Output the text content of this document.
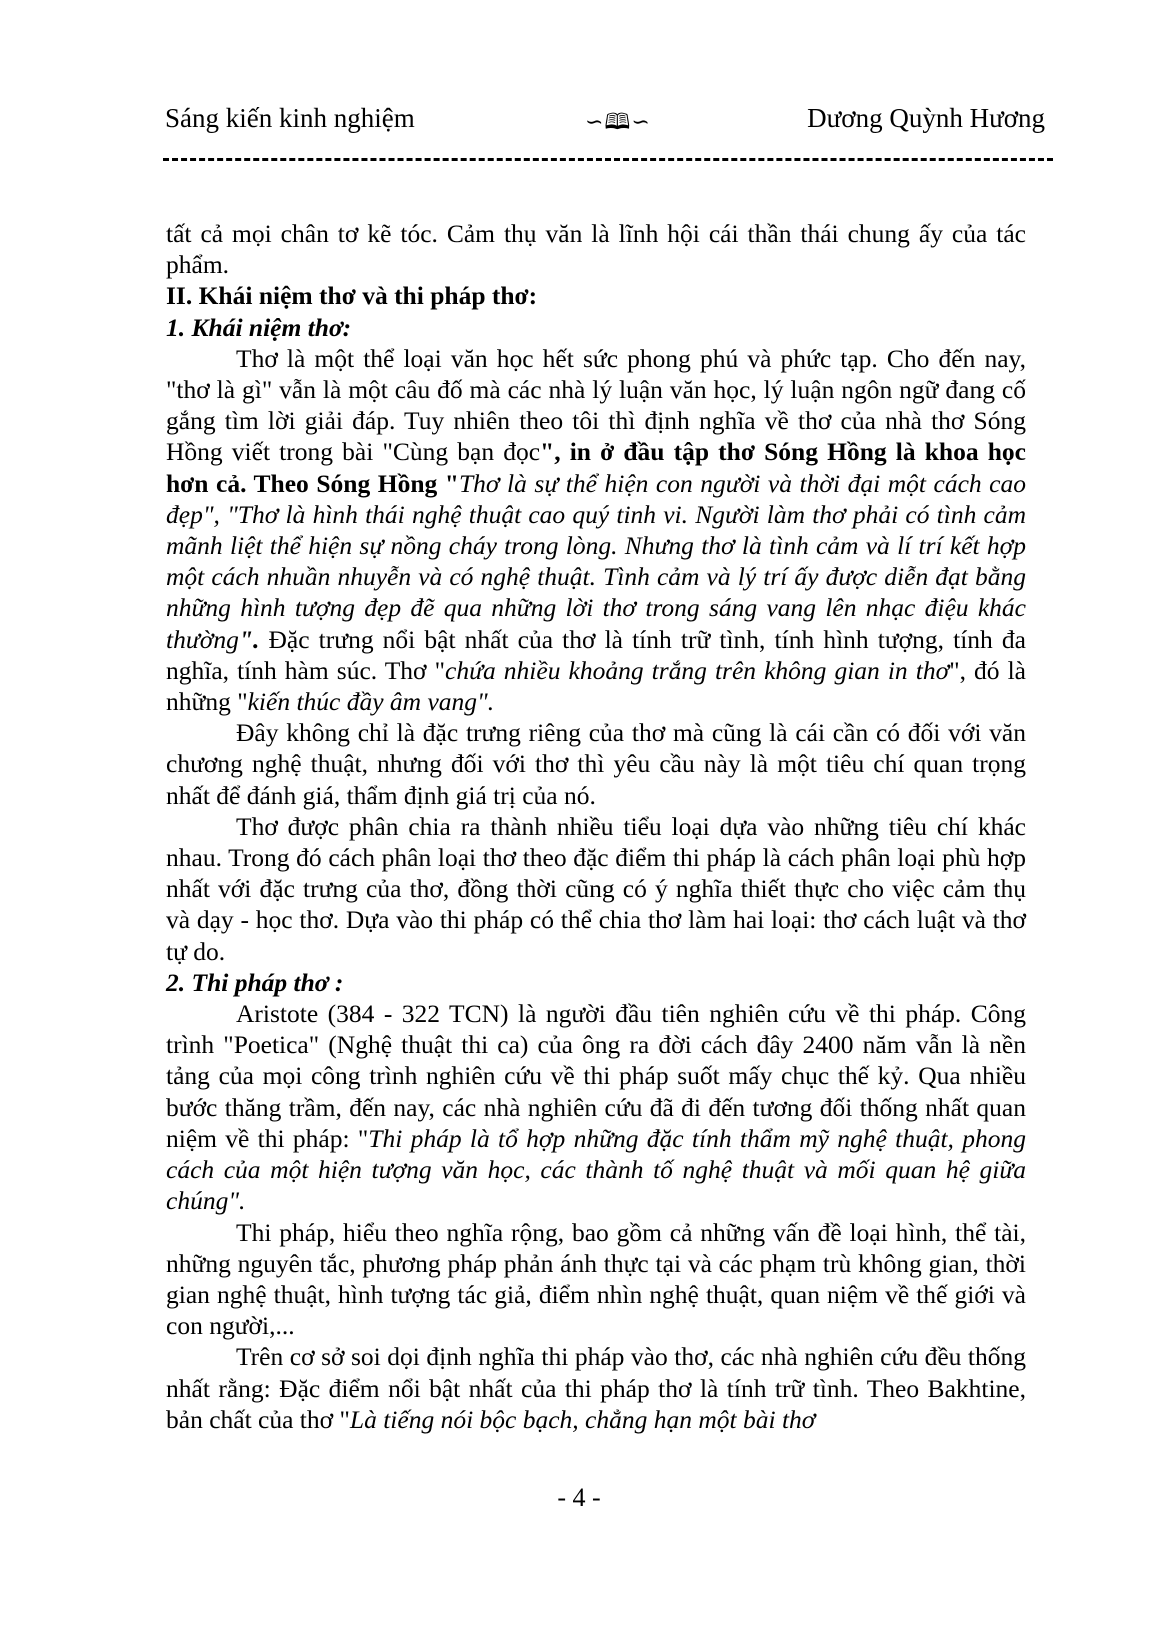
Sáng kiến kinh nghiệm	∽🕮∽	Dương Quỳnh Hương

tất cả mọi chân tơ kẽ tóc. Cảm thụ văn là lĩnh hội cái thần thái chung ấy của tác phẩm.

II. Khái niệm thơ và thi pháp thơ:

1. Khái niệm thơ:

Thơ là một thể loại văn học hết sức phong phú và phức tạp. Cho đến nay, "thơ là gì" vẫn là một câu đố mà các nhà lý luận văn học, lý luận ngôn ngữ đang cố gắng tìm lời giải đáp. Tuy nhiên theo tôi thì định nghĩa về thơ của nhà thơ Sóng Hồng viết trong bài "Cùng bạn đọc", in ở đầu tập thơ Sóng Hồng là khoa học hơn cả. Theo Sóng Hồng "Thơ là sự thể hiện con người và thời đại một cách cao đẹp", "Thơ là hình thái nghệ thuật cao quý tinh vi. Người làm thơ phải có tình cảm mãnh liệt thể hiện sự nồng cháy trong lòng. Nhưng thơ là tình cảm và lí trí kết hợp một cách nhuần nhuyễn và có nghệ thuật. Tình cảm và lý trí ấy được diễn đạt bằng những hình tượng đẹp đẽ qua những lời thơ trong sáng vang lên nhạc điệu khác thường". Đặc trưng nổi bật nhất của thơ là tính trữ tình, tính hình tượng, tính đa nghĩa, tính hàm súc. Thơ "chứa nhiều khoảng trắng trên không gian in thơ", đó là những "kiến thúc đầy âm vang".

Đây không chỉ là đặc trưng riêng của thơ mà cũng là cái cần có đối với văn chương nghệ thuật, nhưng đối với thơ thì yêu cầu này là một tiêu chí quan trọng nhất để đánh giá, thẩm định giá trị của nó.

Thơ được phân chia ra thành nhiều tiểu loại dựa vào những tiêu chí khác nhau. Trong đó cách phân loại thơ theo đặc điểm thi pháp là cách phân loại phù hợp nhất với đặc trưng của thơ, đồng thời cũng có ý nghĩa thiết thực cho việc cảm thụ và dạy - học thơ. Dựa vào thi pháp có thể chia thơ làm hai loại: thơ cách luật và thơ tự do.

2. Thi pháp thơ :

Aristote (384 - 322 TCN) là người đầu tiên nghiên cứu về thi pháp. Công trình "Poetica" (Nghệ thuật thi ca) của ông ra đời cách đây 2400 năm vẫn là nền tảng của mọi công trình nghiên cứu về thi pháp suốt mấy chục thế kỷ. Qua nhiều bước thăng trầm, đến nay, các nhà nghiên cứu đã đi đến tương đối thống nhất quan niệm về thi pháp: "Thi pháp là tổ hợp những đặc tính thẩm mỹ nghệ thuật, phong cách của một hiện tượng văn học, các thành tố nghệ thuật và mối quan hệ giữa chúng".

Thi pháp, hiểu theo nghĩa rộng, bao gồm cả những vấn đề loại hình, thể tài, những nguyên tắc, phương pháp phản ánh thực tại và các phạm trù không gian, thời gian nghệ thuật, hình tượng tác giả, điểm nhìn nghệ thuật, quan niệm về thế giới và con người,...

Trên cơ sở soi dọi định nghĩa thi pháp vào thơ, các nhà nghiên cứu đều thống nhất rằng: Đặc điểm nổi bật nhất của thi pháp thơ là tính trữ tình. Theo Bakhtine, bản chất của thơ "Là tiếng nói bộc bạch, chẳng hạn một bài thơ

- 4 -
